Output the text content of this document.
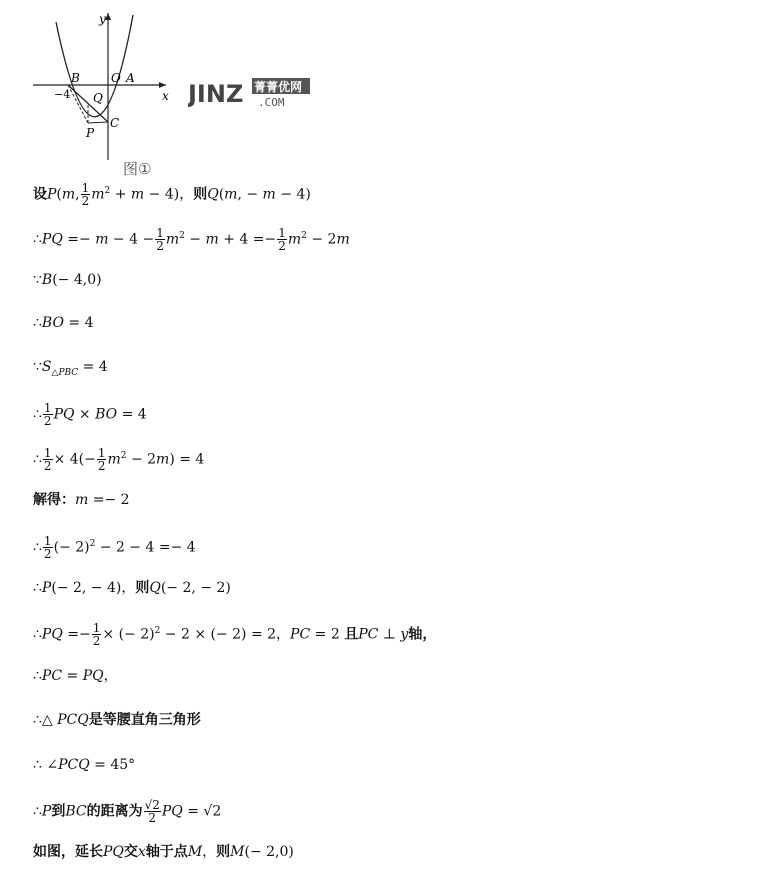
y
x
B	O A
Q
P
C
−4
图①
JINZ 菁菁优网
.COM
设P(m, $\frac{1}{2} m^2 + m - 4$)，则Q(m, − m − 4)
∴PQ =− $m - 4 - \frac{1}{2} m^2 - m + 4 =- \frac{1}{2} m^2 - 2m$
∵B(− 4,0)
∴BO = 4
$\because S_{\triangle PBC} = 4$
∴ $\frac{1}{2}$ PQ × BO = 4
∴ $\frac{1}{2} \times 4(- \frac{1}{2} m^2 - 2m) = 4$
解得：m =− 2
∴ $\frac{1}{2}$ (− 2)$^2$ − 2 − 4 =− 4
∴P(− 2, − 4)，则Q(− 2, − 2)
∴PQ =− $\frac{1}{2}$ × (− 2)$^2$ − 2 × (− 2) = 2，PC = 2 且PC ⊥ y轴，
∴PC = PQ，
∴△ PCQ是等腰直角三角形
∴ ∠PCQ = 45°
∴P到BC的距离为 $\frac{√2}{2}$ PQ = √2
如图，延长PQ交x轴于点M，则M(− 2,0)
